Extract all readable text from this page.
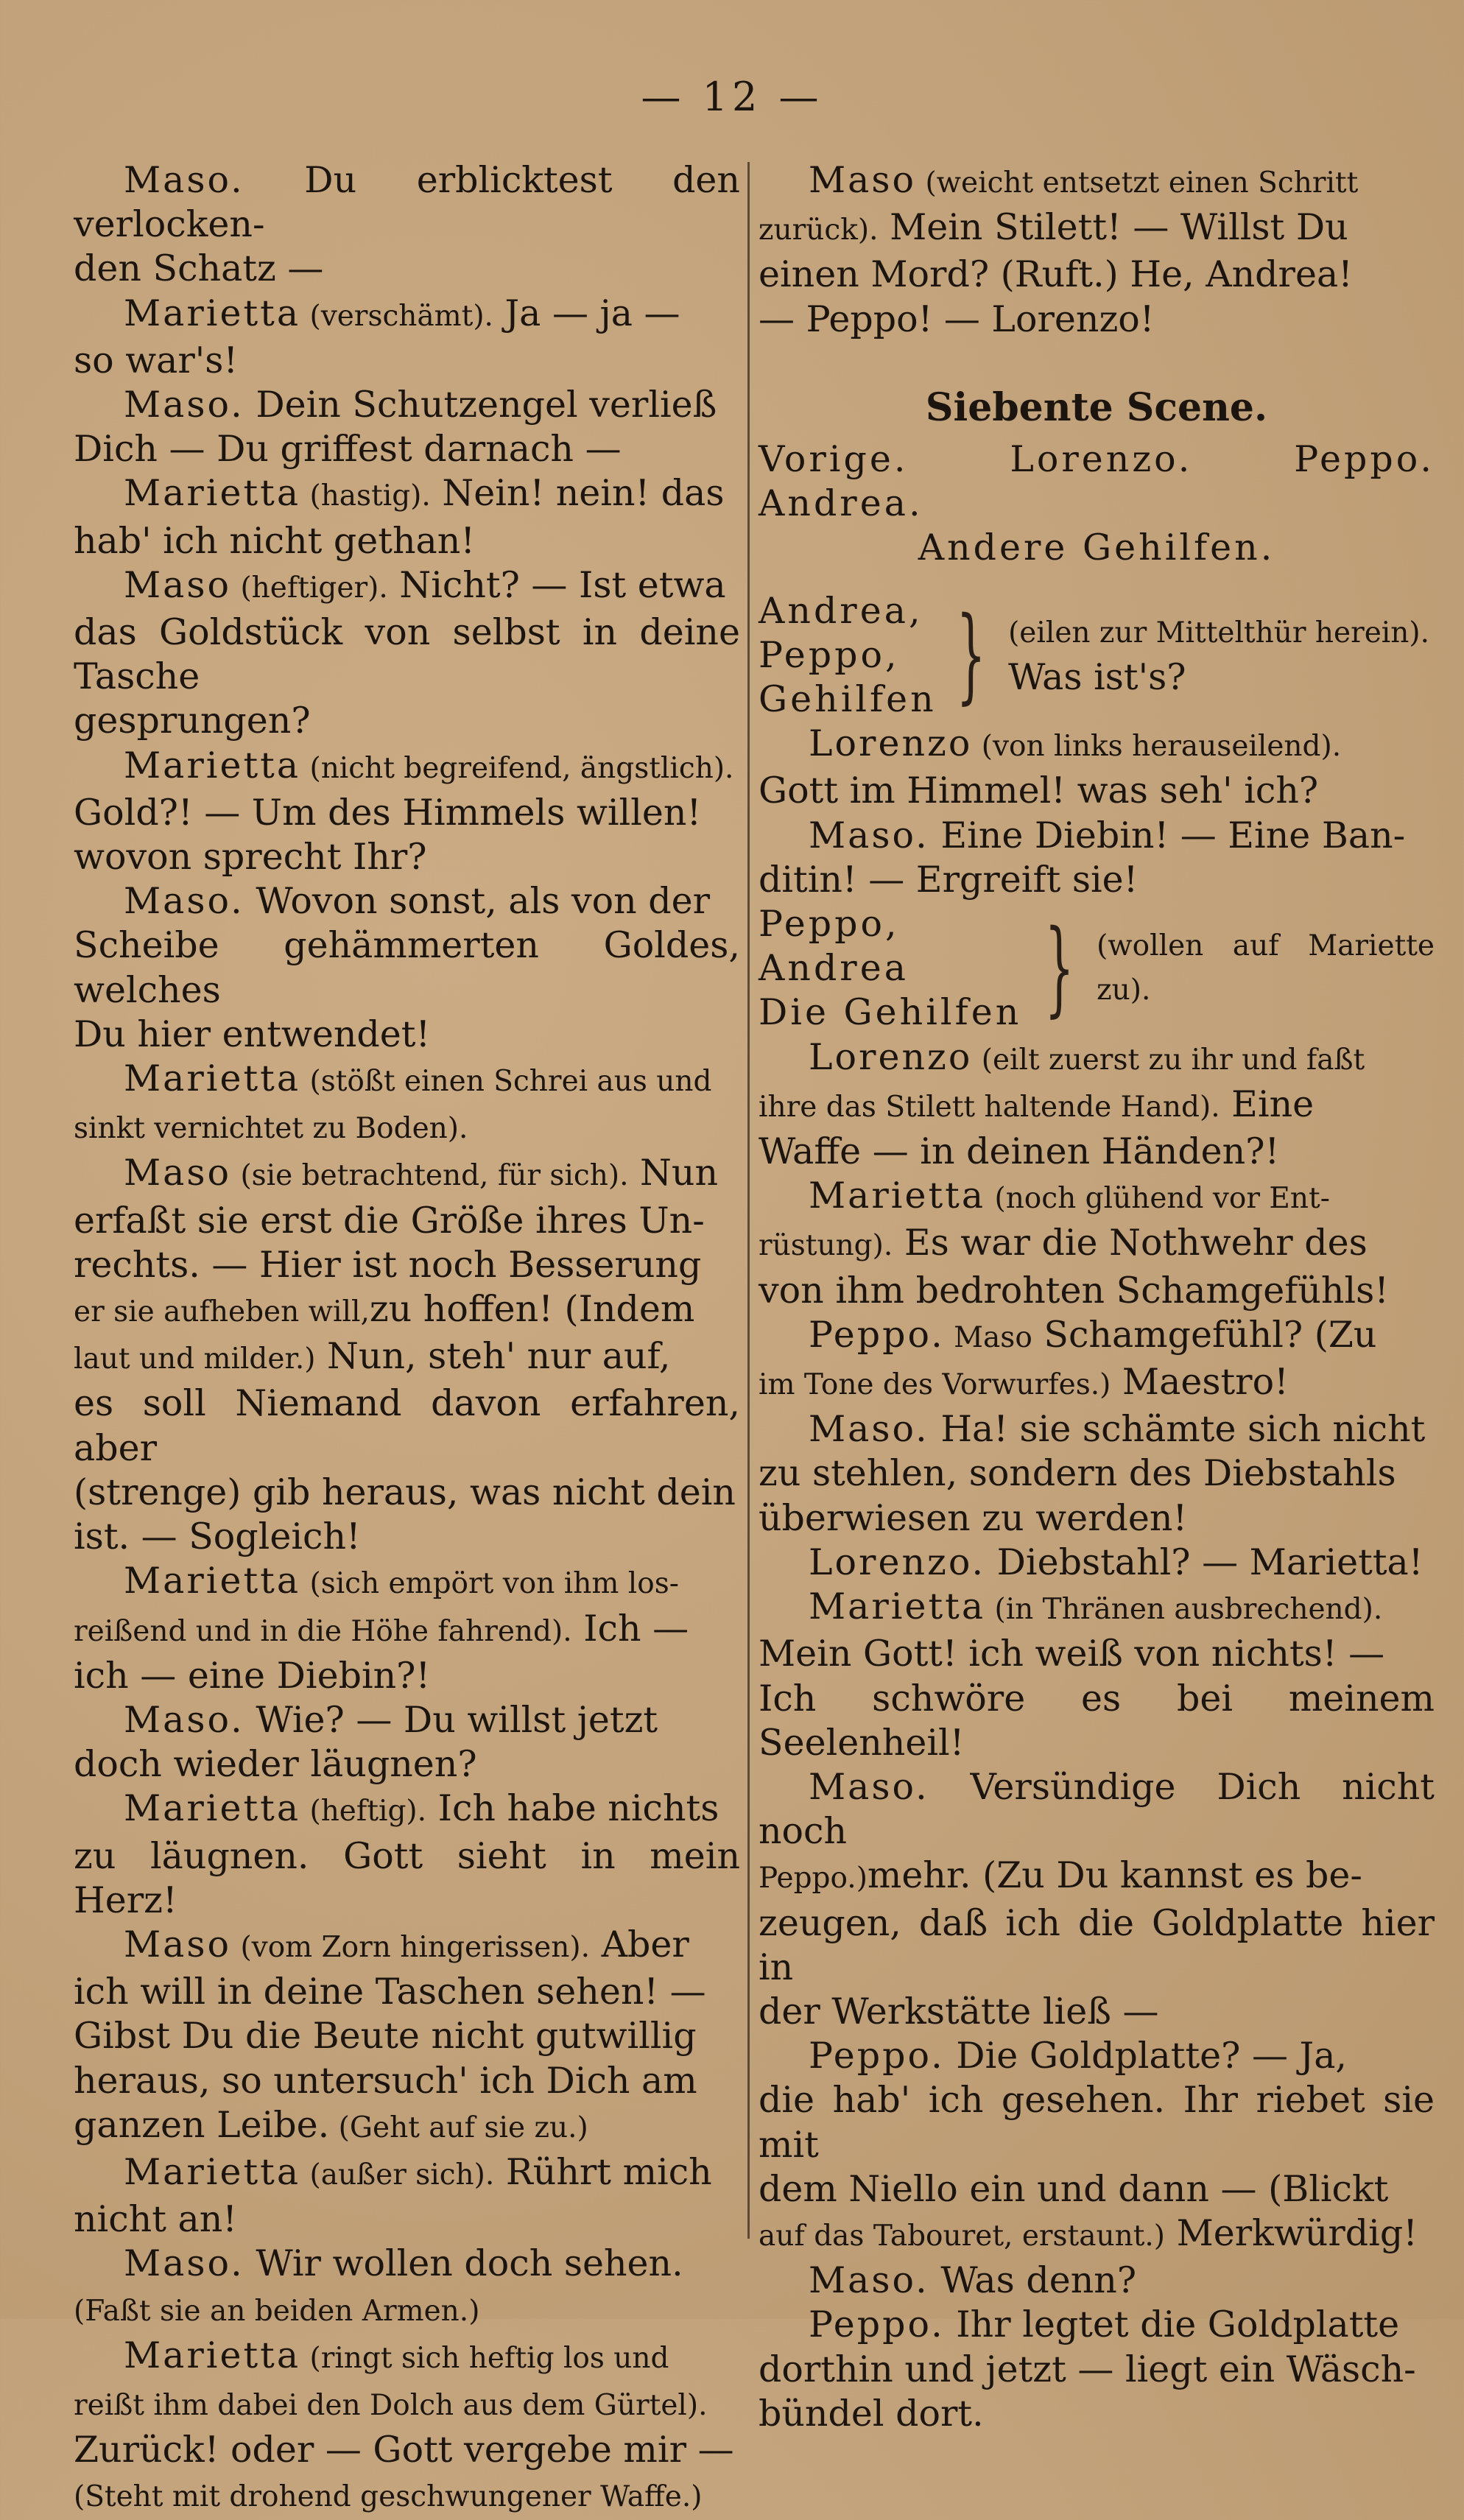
— 12 —

Maso. Du erblicktest den verlocken-

den Schatz —

Marietta (verschämt). Ja — ja —

so war's!

Maso. Dein Schutzengel verließ

Dich — Du griffest darnach —

Marietta (hastig). Nein! nein! das

hab' ich nicht gethan!

Maso (heftiger). Nicht? — Ist etwa

das Goldstück von selbst in deine Tasche

gesprungen?

Marietta (nicht begreifend, ängstlich).

Gold?! — Um des Himmels willen!

wovon sprecht Ihr?

Maso. Wovon sonst, als von der

Scheibe gehämmerten Goldes, welches

Du hier entwendet!

Marietta (stößt einen Schrei aus und

sinkt vernichtet zu Boden).

Maso (sie betrachtend, für sich). Nun

erfaßt sie erst die Größe ihres Un-

rechts. — Hier ist noch Besserung

er sie aufheben will,zu hoffen! (Indem

laut und milder.) Nun, steh' nur auf,

es soll Niemand davon erfahren, aber

(strenge) gib heraus, was nicht dein

ist. — Sogleich!

Marietta (sich empört von ihm los-

reißend und in die Höhe fahrend). Ich —

ich — eine Diebin?!

Maso. Wie? — Du willst jetzt

doch wieder läugnen?

Marietta (heftig). Ich habe nichts

zu läugnen. Gott sieht in mein Herz!

Maso (vom Zorn hingerissen). Aber

ich will in deine Taschen sehen! —

Gibst Du die Beute nicht gutwillig

heraus, so untersuch' ich Dich am

ganzen Leibe. (Geht auf sie zu.)

Marietta (außer sich). Rührt mich

nicht an!

Maso. Wir wollen doch sehen.

(Faßt sie an beiden Armen.)

Marietta (ringt sich heftig los und

reißt ihm dabei den Dolch aus dem Gürtel).

Zurück! oder — Gott vergebe mir —

(Steht mit drohend geschwungener Waffe.)

Maso (weicht entsetzt einen Schritt

zurück). Mein Stilett! — Willst Du

einen Mord? (Ruft.) He, Andrea!

— Peppo! — Lorenzo!

Siebente Scene.

Vorige. Lorenzo. Peppo. Andrea.

Andere Gehilfen.

Andrea,
Peppo,
Gehilfen } (eilen zur Mittelthür herein).
Was ist's?

Lorenzo (von links herauseilend).

Gott im Himmel! was seh' ich?

Maso. Eine Diebin! — Eine Ban-

ditin! — Ergreift sie!

Peppo,
Andrea
Die Gehilfen } (wollen auf Mariette zu).

Lorenzo (eilt zuerst zu ihr und faßt

ihre das Stilett haltende Hand). Eine

Waffe — in deinen Händen?!

Marietta (noch glühend vor Ent-

rüstung). Es war die Nothwehr des

von ihm bedrohten Schamgefühls!

Peppo. Maso Schamgefühl? (Zu

im Tone des Vorwurfes.) Maestro!

Maso. Ha! sie schämte sich nicht

zu stehlen, sondern des Diebstahls

überwiesen zu werden!

Lorenzo. Diebstahl? — Marietta!

Marietta (in Thränen ausbrechend).

Mein Gott! ich weiß von nichts! —

Ich schwöre es bei meinem Seelenheil!

Maso. Versündige Dich nicht noch

Peppo.)mehr. (Zu Du kannst es be-

zeugen, daß ich die Goldplatte hier in

der Werkstätte ließ —

Peppo. Die Goldplatte? — Ja,

die hab' ich gesehen. Ihr riebet sie mit

dem Niello ein und dann — (Blickt

auf das Tabouret, erstaunt.) Merkwürdig!

Maso. Was denn?

Peppo. Ihr legtet die Goldplatte

dorthin und jetzt — liegt ein Wäsch-

bündel dort.
